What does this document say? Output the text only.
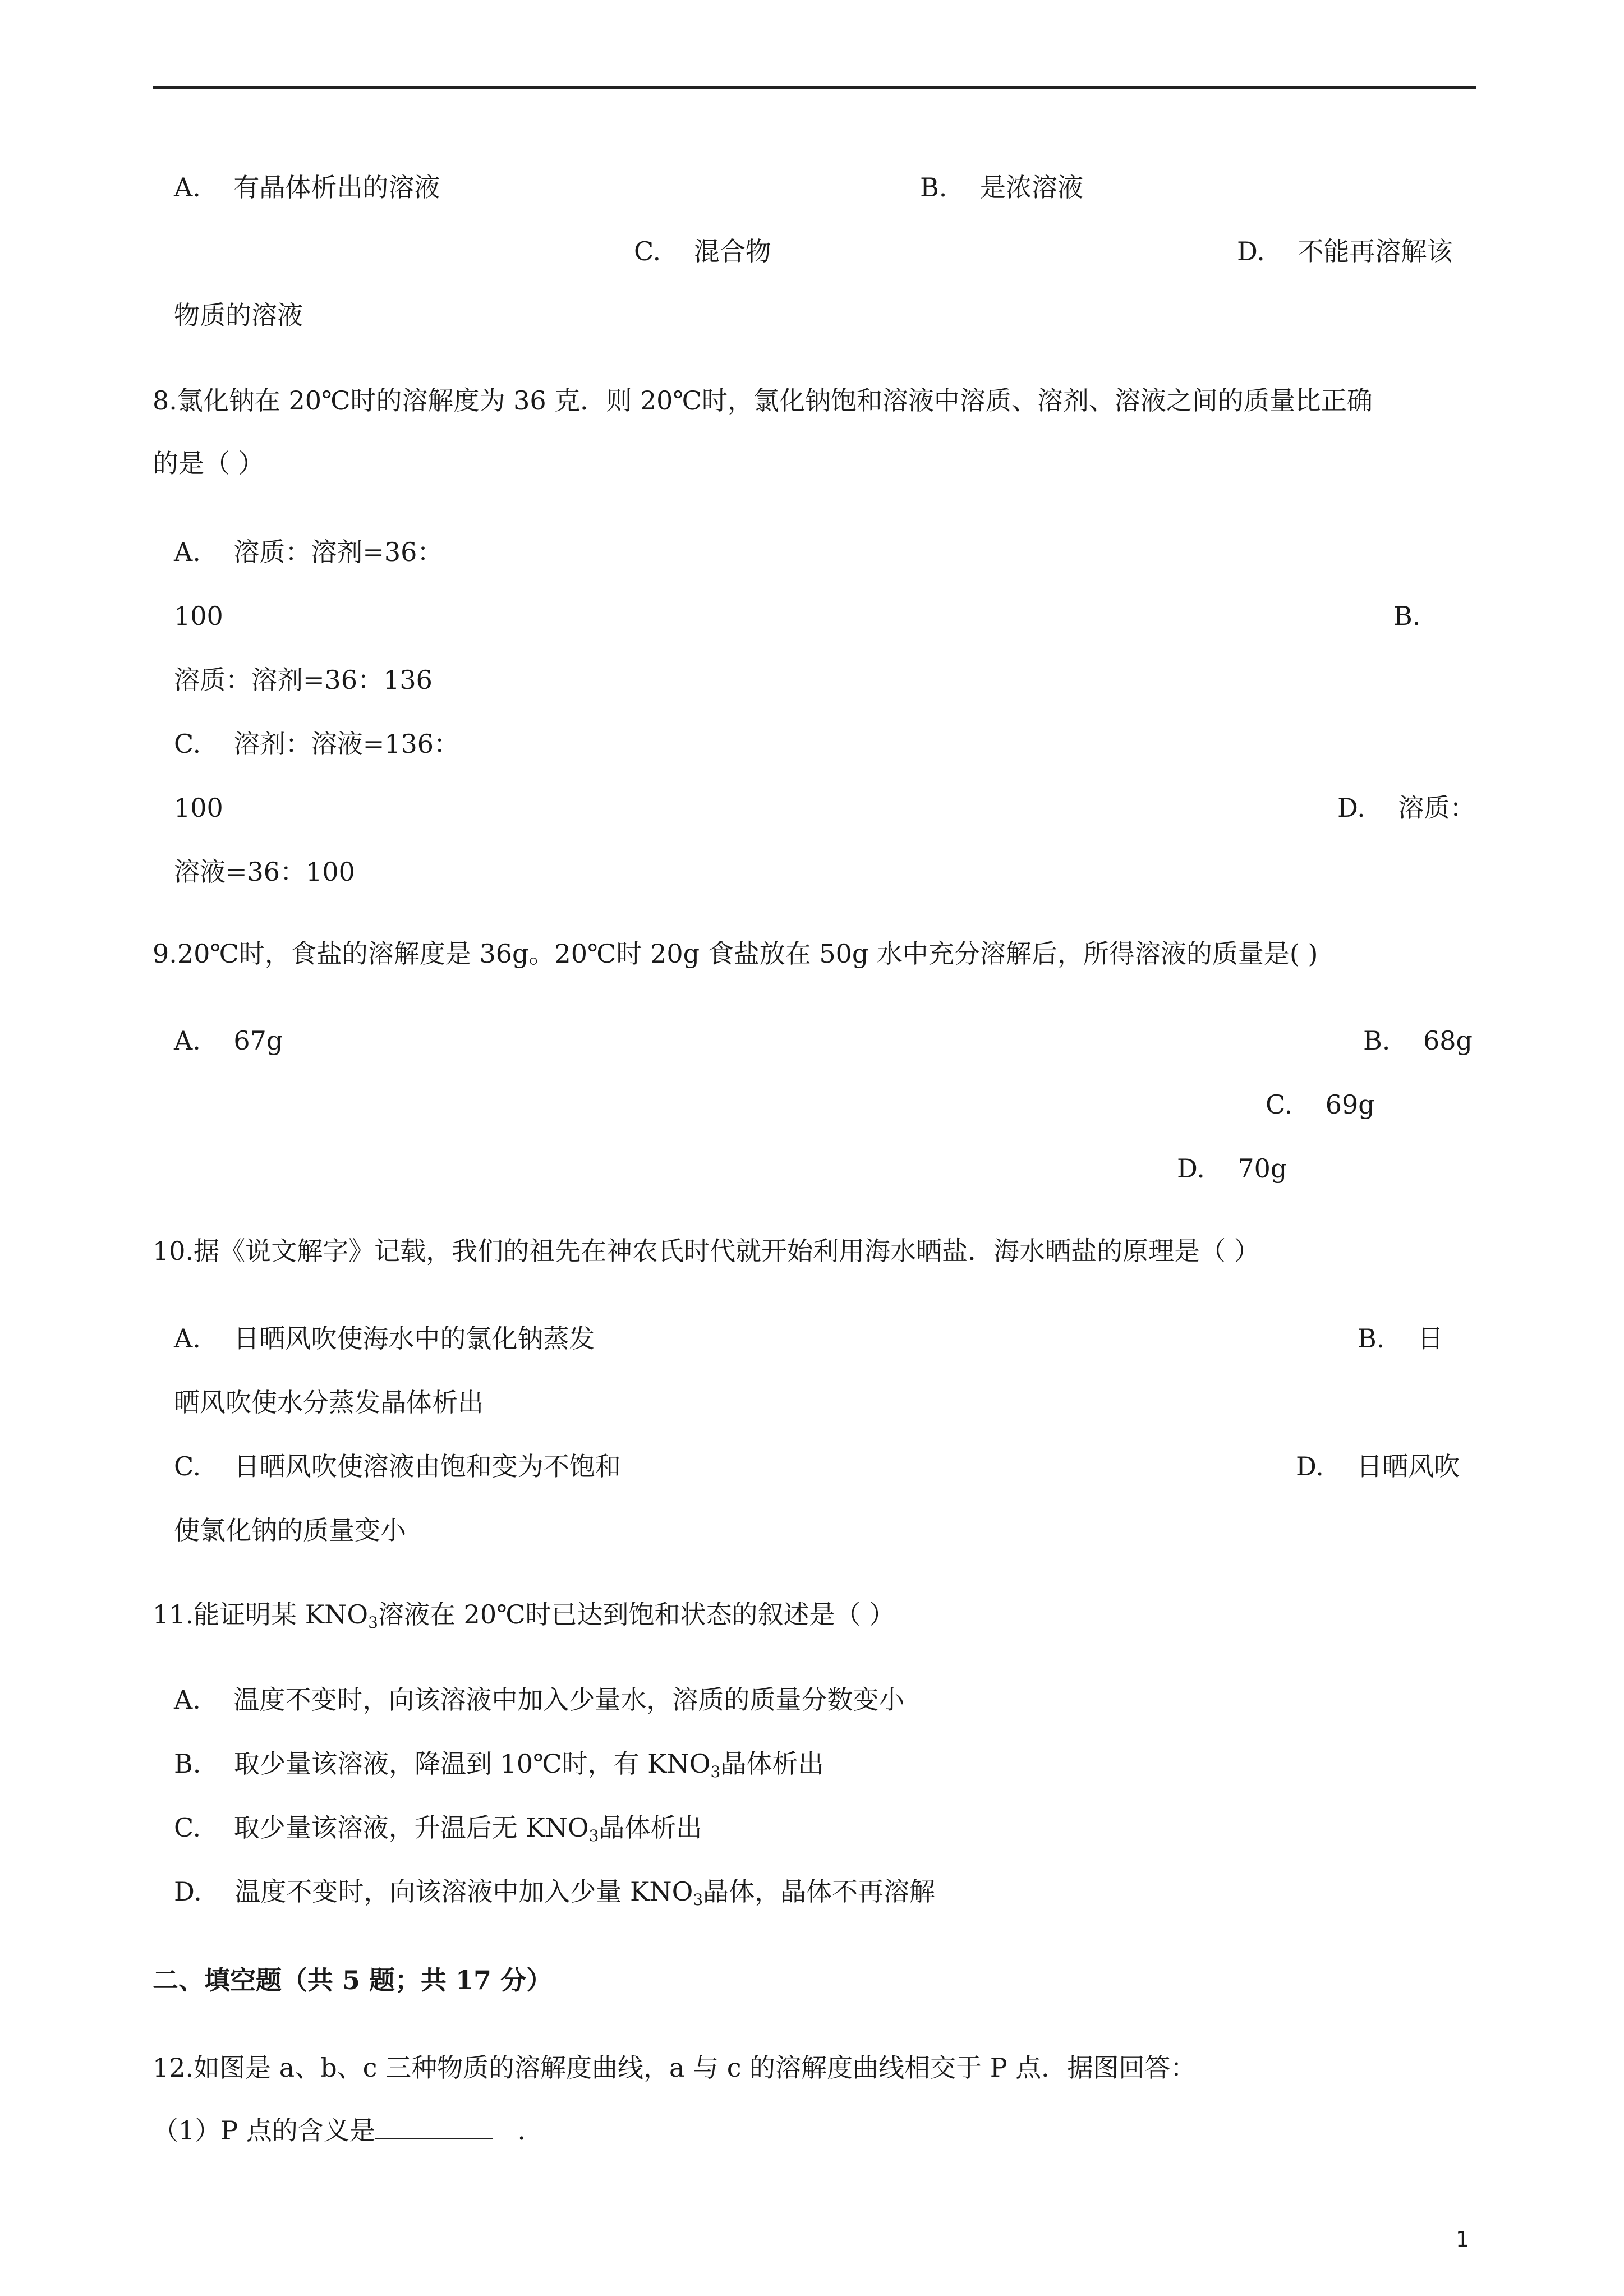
A. 有晶体析出的溶液	B. 是浓溶液
C. 混合物	D. 不能再溶解该
物质的溶液
8.氯化钠在 20℃时的溶解度为 36 克．则 20℃时，氯化钠饱和溶液中溶质、溶剂、溶液之间的质量比正确
的是（ ）
A. 溶质：溶剂=36：
100	B.
溶质：溶剂=36：136
C. 溶剂：溶液=136：
100	D. 溶质：
溶液=36：100
9.20℃时，食盐的溶解度是 36g。20℃时 20g 食盐放在 50g 水中充分溶解后，所得溶液的质量是( )
A. 67g	B. 68g
C. 69g
D. 70g
10.据《说文解字》记载，我们的祖先在神农氏时代就开始利用海水晒盐．海水晒盐的原理是（ ）
A. 日晒风吹使海水中的氯化钠蒸发	B. 日
晒风吹使水分蒸发晶体析出
C. 日晒风吹使溶液由饱和变为不饱和	D. 日晒风吹
使氯化钠的质量变小
11.能证明某 $KNO_3$溶液在 20℃时已达到饱和状态的叙述是（ ）
A. 温度不变时，向该溶液中加入少量水，溶质的质量分数变小
B. 取少量该溶液，降温到 10℃时，有 $KNO_3$晶体析出
C. 取少量该溶液，升温后无 $KNO_3$晶体析出
D. 温度不变时，向该溶液中加入少量 $KNO_3$晶体，晶体不再溶解
二、填空题（共 5 题；共 17 分）
12.如图是 a、b、c 三种物质的溶解度曲线，a 与 c 的溶解度曲线相交于 P 点．据图回答：
（1）P 点的含义是	．
1
